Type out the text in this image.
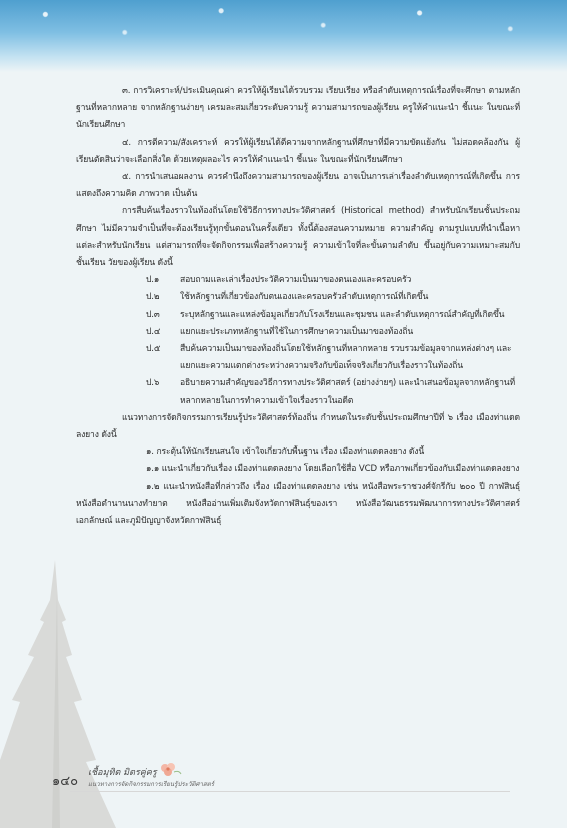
๓. การวิเคราะห์/ประเมินคุณค่า ควรให้ผู้เรียนได้รวบรวม เรียบเรียง หรือลำดับเหตุการณ์เรื่องที่จะศึกษา ตามหลักฐานที่หลากหลาย จากหลักฐานง่ายๆ เครมละสมเกี่ยวระดับความรู้ ความสามารถของผู้เรียน ครูให้คำแนะนำ ชี้แนะ ในขณะที่นักเรียนศึกษา

๔. การตีความ/สังเคราะห์ ควรให้ผู้เรียนได้ตีความจากหลักฐานที่ศึกษาที่มีความขัดแย้งกัน ไม่สอดคล้องกัน ผู้เรียนตัดสินว่าจะเลือกสิ่งใด ด้วยเหตุผลอะไร ควรให้คำแนะนำ ชี้แนะ ในขณะที่นักเรียนศึกษา

๕. การนำเสนอผลงาน ควรคำนึงถึงความสามารถของผู้เรียน อาจเป็นการเล่าเรื่องลำดับเหตุการณ์ที่เกิดขึ้น การแสดงถึงความคิด ภาพวาด เป็นต้น

การสืบค้นเรื่องราวในท้องถิ่นโดยใช้วิธีการทางประวัติศาสตร์ (Historical method) สำหรับนักเรียนชั้นประถมศึกษา ไม่มีความจำเป็นที่จะต้องเรียนรู้ทุกขั้นตอนในครั้งเดียว ทั้งนี้ต้องสอนความหมาย ความสำคัญ ตามรูปแบบที่นำเนื้อหาแต่ละสำหรับนักเรียน แต่สามารถที่จะจัดกิจกรรมเพื่อสร้างความรู้ ความเข้าใจที่ละขั้นตามลำดับ ขึ้นอยู่กับความเหมาะสมกับชั้นเรียน วัยของผู้เรียน ดังนี้

ป.๑	สอบถามและเล่าเรื่องประวัติความเป็นมาของตนเองและครอบครัว
ป.๒	ใช้หลักฐานที่เกี่ยวข้องกับตนเองและครอบครัวลำดับเหตุการณ์ที่เกิดขึ้น
ป.๓	ระบุหลักฐานและแหล่งข้อมูลเกี่ยวกับโรงเรียนและชุมชน และลำดับเหตุการณ์สำคัญที่เกิดขึ้น
ป.๔	แยกแยะประเภทหลักฐานที่ใช้ในการศึกษาความเป็นมาของท้องถิ่น
ป.๕	สืบค้นความเป็นมาของท้องถิ่นโดยใช้หลักฐานที่หลากหลาย รวบรวมข้อมูลจากแหล่งต่างๆ และแยกแยะความแตกต่างระหว่างความจริงกับข้อเท็จจริงเกี่ยวกับเรื่องราวในท้องถิ่น
ป.๖	อธิบายความสำคัญของวิธีการทางประวัติศาสตร์ (อย่างง่ายๆ) และนำเสนอข้อมูลจากหลักฐานที่หลากหลายในการทำความเข้าใจเรื่องราวในอดีต

แนวทางการจัดกิจกรรมการเรียนรู้ประวัติศาสตร์ท้องถิ่น กำหนดในระดับชั้นประถมศึกษาปีที่ ๖ เรื่อง เมืองท่าแดดลงยาง ดังนี้

๑. กระตุ้นให้นักเรียนสนใจ เข้าใจเกี่ยวกับพื้นฐาน เรื่อง เมืองท่าแดดลงยาง ดังนี้

๑.๑ แนะนำเกี่ยวกับเรื่อง เมืองท่าแดดลงยาง โดยเลือกใช้สื่อ VCD หรือภาพเกี่ยวข้องกับเมืองท่าแดดลงยาง

๑.๒ แนะนำหนังสือที่กล่าวถึง เรื่อง เมืองท่าแดดลงยาง เช่น หนังสือพระราชวงศ์จักรีกับ ๒๐๐ ปี กาฬสินธุ์ หนังสือตำนานนางทำยาต หนังสืออ่านเพิ่มเติมจังหวัดกาฬสินธุ์ของเรา หนังสือวัฒนธรรมพัฒนาการทางประวัติศาสตร์ เอกลักษณ์ และภูมิปัญญาจังหวัดกาฬสินธุ์

๑๔๐
เชื้อมุทิต มิตรคู่ครู
แนวทางการจัดกิจกรรมการเรียนรู้ประวัติศาสตร์
